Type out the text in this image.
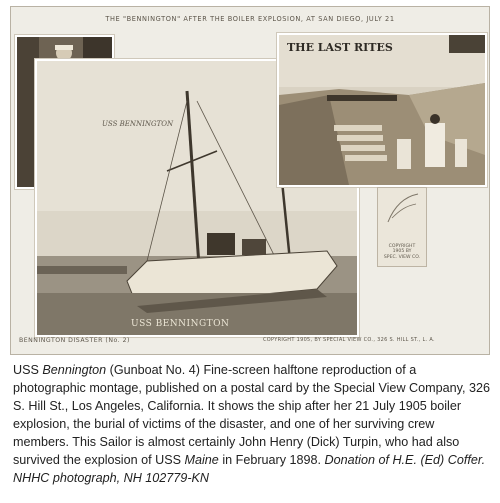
THE "BENNINGTON" AFTER THE BOILER EXPLOSION, AT SAN DIEGO, JULY 21
USS BENNINGTON
USS BENNINGTON
THE LAST RITES
COPYRIGHT
1905 BY
SPEC. VIEW CO.
BENNINGTON DISASTER (No. 2)	COPYRIGHT 1905, BY SPECIAL VIEW CO., 326 S. HILL ST., L. A.

USS Bennington (Gunboat No. 4) Fine-screen halftone reproduction of a photographic montage, published on a postal card by the Special View Company, 326 S. Hill St., Los Angeles, California. It shows the ship after her 21 July 1905 boiler explosion, the burial of victims of the disaster, and one of her surviving crew members. This Sailor is almost certainly John Henry (Dick) Turpin, who had also survived the explosion of USS Maine in February 1898. Donation of H.E. (Ed) Coffer. NHHC photograph, NH 102779-KN
